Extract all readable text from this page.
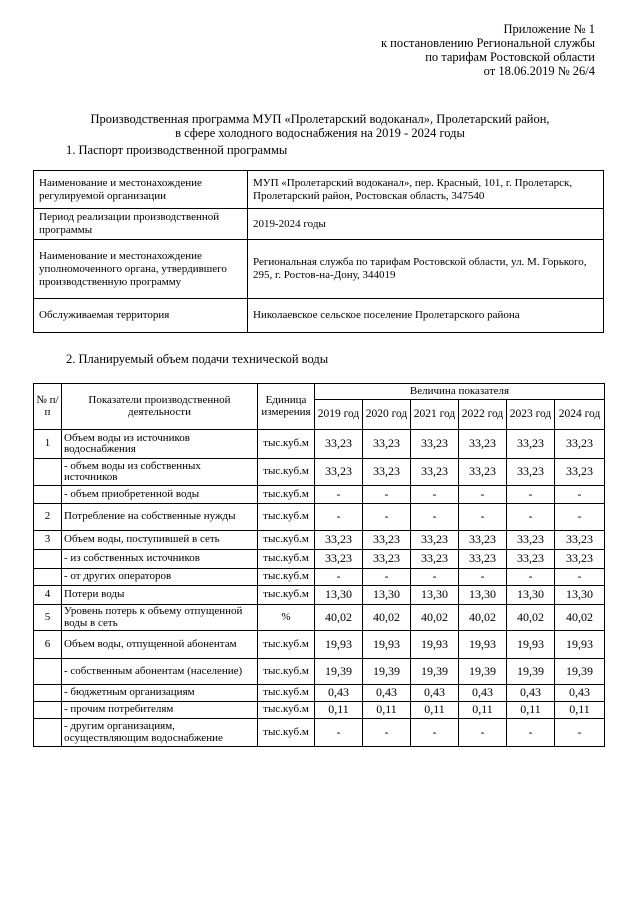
Приложение № 1
к постановлению Региональной службы
по тарифам Ростовской области
от 18.06.2019 № 26/4
Производственная программа МУП «Пролетарский водоканал», Пролетарский район,
в сфере холодного водоснабжения на 2019 - 2024 годы
1. Паспорт производственной программы
Наименование и местонахождение регулируемой организации	МУП «Пролетарский водоканал», пер. Красный, 101, г. Пролетарск, Пролетарский район, Ростовская область, 347540
Период реализации производственной программы	2019-2024 годы
Наименование и местонахождение уполномоченного органа, утвердившего производственную программу	Региональная служба по тарифам Ростовской области, ул. М. Горького, 295, г. Ростов-на-Дону, 344019
Обслуживаемая территория	Николаевское сельское поселение Пролетарского района
2. Планируемый объем подачи технической воды
№ п/п	Показатели производственной деятельности	Единица измерения	Величина показателя					
			2019 год	2020 год	2021 год	2022 год	2023 год	2024 год
1	Объем воды из источников водоснабжения	тыс.куб.м	33,23	33,23	33,23	33,23	33,23	33,23
	- объем воды из собственных источников	тыс.куб.м	33,23	33,23	33,23	33,23	33,23	33,23
	- объем приобретенной воды	тыс.куб.м	-	-	-	-	-	-
2	Потребление на собственные нужды	тыс.куб.м	-	-	-	-	-	-
3	Объем воды, поступившей в сеть	тыс.куб.м	33,23	33,23	33,23	33,23	33,23	33,23
	- из собственных источников	тыс.куб.м	33,23	33,23	33,23	33,23	33,23	33,23
	- от других операторов	тыс.куб.м	-	-	-	-	-	-
4	Потери воды	тыс.куб.м	13,30	13,30	13,30	13,30	13,30	13,30
5	Уровень потерь к объему отпущенной воды в сеть	%	40,02	40,02	40,02	40,02	40,02	40,02
6	Объем воды, отпущенной абонентам	тыс.куб.м	19,93	19,93	19,93	19,93	19,93	19,93
	- собственным абонентам (население)	тыс.куб.м	19,39	19,39	19,39	19,39	19,39	19,39
	- бюджетным организациям	тыс.куб.м	0,43	0,43	0,43	0,43	0,43	0,43
	- прочим потребителям	тыс.куб.м	0,11	0,11	0,11	0,11	0,11	0,11
	- другим организациям, осуществляющим водоснабжение	тыс.куб.м	-	-	-	-	-	-
